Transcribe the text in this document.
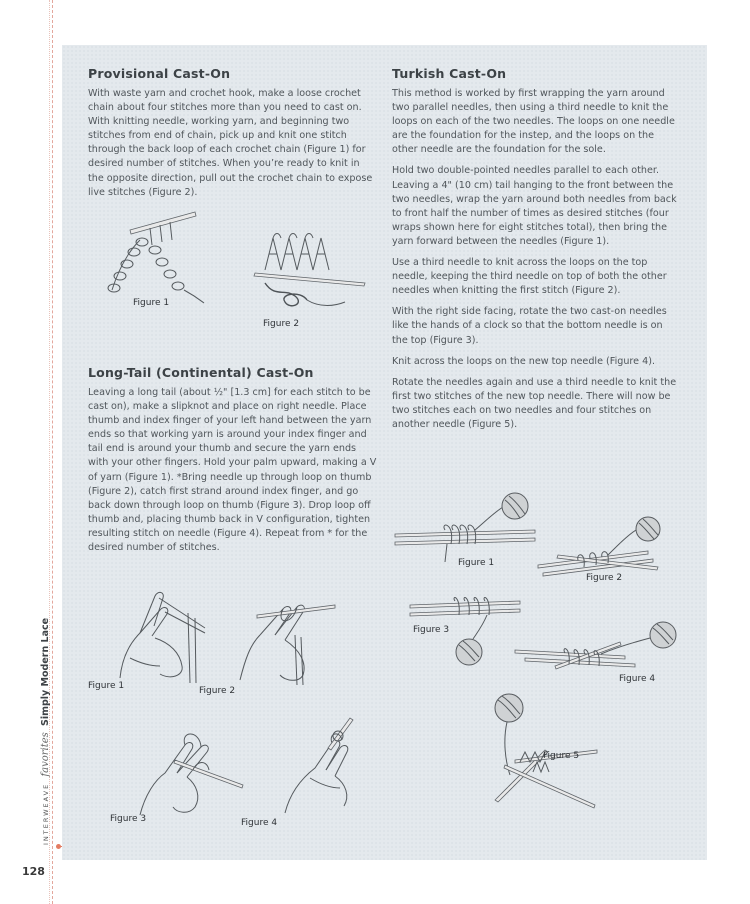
INTERWEAVE favorites Simply Modern Lace
128
Provisional Cast-On

With waste yarn and crochet hook, make a loose crochet chain about four stitches more than you need to cast on. With knitting needle, working yarn, and beginning two stitches from end of chain, pick up and knit one stitch through the back loop of each crochet chain (Figure 1) for desired number of stitches. When you’re ready to knit in the opposite direction, pull out the crochet chain to expose live stitches (Figure 2).

Figure 1
Figure 2
Long-Tail (Continental) Cast-On

Leaving a long tail (about ½" [1.3 cm] for each stitch to be cast on), make a slipknot and place on right needle. Place thumb and index finger of your left hand between the yarn ends so that working yarn is around your index finger and tail end is around your thumb and secure the yarn ends with your other fingers. Hold your palm upward, making a V of yarn (Figure 1). *Bring needle up through loop on thumb (Figure 2), catch first strand around index finger, and go back down through loop on thumb (Figure 3). Drop loop off thumb and, placing thumb back in V configuration, tighten resulting stitch on needle (Figure 4). Repeat from * for the desired number of stitches.

Figure 1	Figure 2
Figure 3	Figure 4
Turkish Cast-On

This method is worked by first wrapping the yarn around two parallel needles, then using a third needle to knit the loops on each of the two needles. The loops on one needle are the foundation for the instep, and the loops on the other needle are the foundation for the sole.

Hold two double-pointed needles parallel to each other. Leaving a 4" (10 cm) tail hanging to the front between the two needles, wrap the yarn around both needles from back to front half the number of times as desired stitches (four wraps shown here for eight stitches total), then bring the yarn forward between the needles (Figure 1).

Use a third needle to knit across the loops on the top needle, keeping the third needle on top of both the other needles when knitting the first stitch (Figure 2).

With the right side facing, rotate the two cast-on needles like the hands of a clock so that the bottom needle is on the top (Figure 3).

Knit across the loops on the new top needle (Figure 4).

Rotate the needles again and use a third needle to knit the first two stitches of the new top needle. There will now be two stitches each on two needles and four stitches on another needle (Figure 5).

Figure 1
Figure 2
Figure 3
Figure 4
Figure 5
